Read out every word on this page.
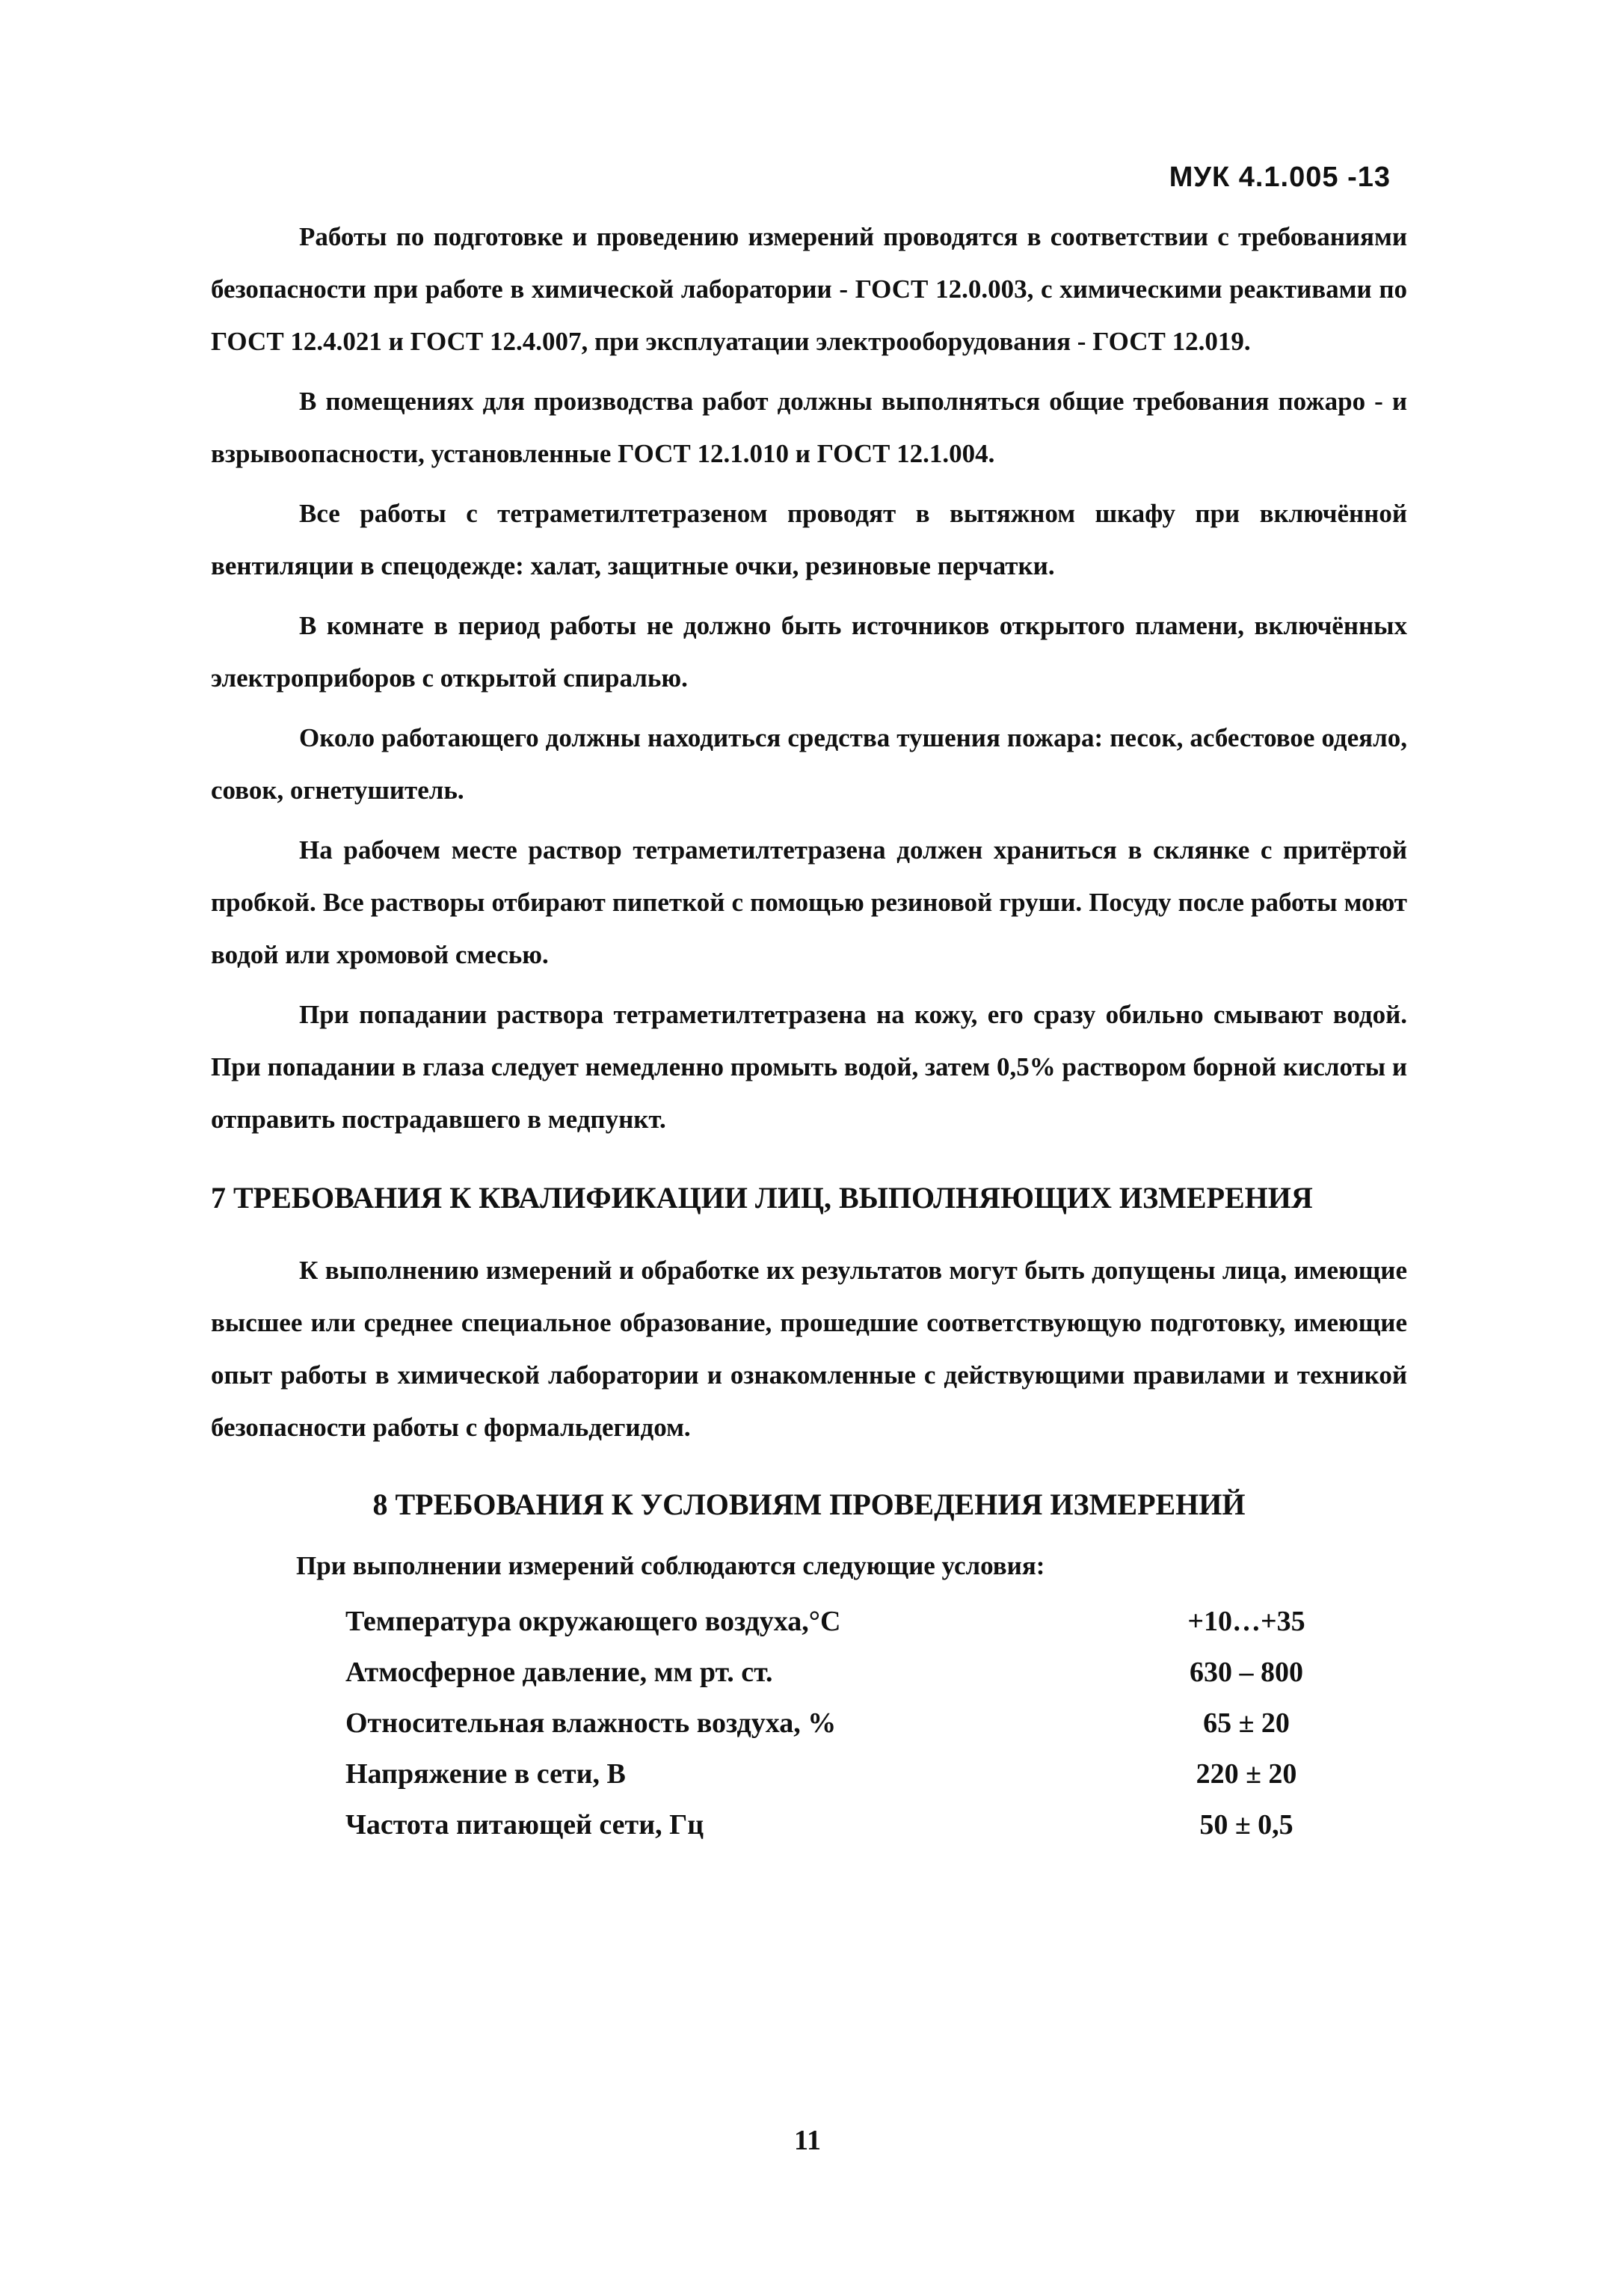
МУК 4.1.005 -13

Работы по подготовке и проведению измерений проводятся в соответствии с требованиями безопасности при работе в химической лаборатории - ГОСТ 12.0.003, с химическими реактивами по ГОСТ 12.4.021 и ГОСТ 12.4.007, при эксплуатации электрооборудования - ГОСТ 12.019.

В помещениях для производства работ должны выполняться общие требования пожаро - и взрывоопасности, установленные ГОСТ 12.1.010 и ГОСТ 12.1.004.

Все работы с тетраметилтетразеном проводят в вытяжном шкафу при включённой вентиляции в спецодежде: халат, защитные очки, резиновые перчатки.

В комнате в период работы не должно быть источников открытого пламени, включённых электроприборов с открытой спиралью.

Около работающего должны находиться средства тушения пожара: песок, асбестовое одеяло, совок, огнетушитель.

На рабочем месте раствор тетраметилтетразена должен храниться в склянке с притёртой пробкой. Все растворы отбирают пипеткой с помощью резиновой груши. Посуду после работы моют водой или хромовой смесью.

При попадании раствора тетраметилтетразена на кожу, его сразу обильно смывают водой. При попадании в глаза следует немедленно промыть водой, затем 0,5% раствором борной кислоты и отправить пострадавшего в медпункт.

7 ТРЕБОВАНИЯ К КВАЛИФИКАЦИИ ЛИЦ, ВЫПОЛНЯЮЩИХ ИЗМЕРЕНИЯ

К выполнению измерений и обработке их результатов могут быть допущены лица, имеющие высшее или среднее специальное образование, прошедшие соответствующую подготовку, имеющие опыт работы в химической лаборатории и ознакомленные с действующими правилами и техникой безопасности работы с формальдегидом.

8 ТРЕБОВАНИЯ К УСЛОВИЯМ ПРОВЕДЕНИЯ ИЗМЕРЕНИЙ

При выполнении измерений соблюдаются следующие условия:

Температура окружающего воздуха,°С	+10…+35
Атмосферное давление, мм рт. ст.	630 – 800
Относительная влажность воздуха, %	65 ± 20
Напряжение в сети, В	220 ± 20
Частота питающей сети, Гц	50 ± 0,5
11
